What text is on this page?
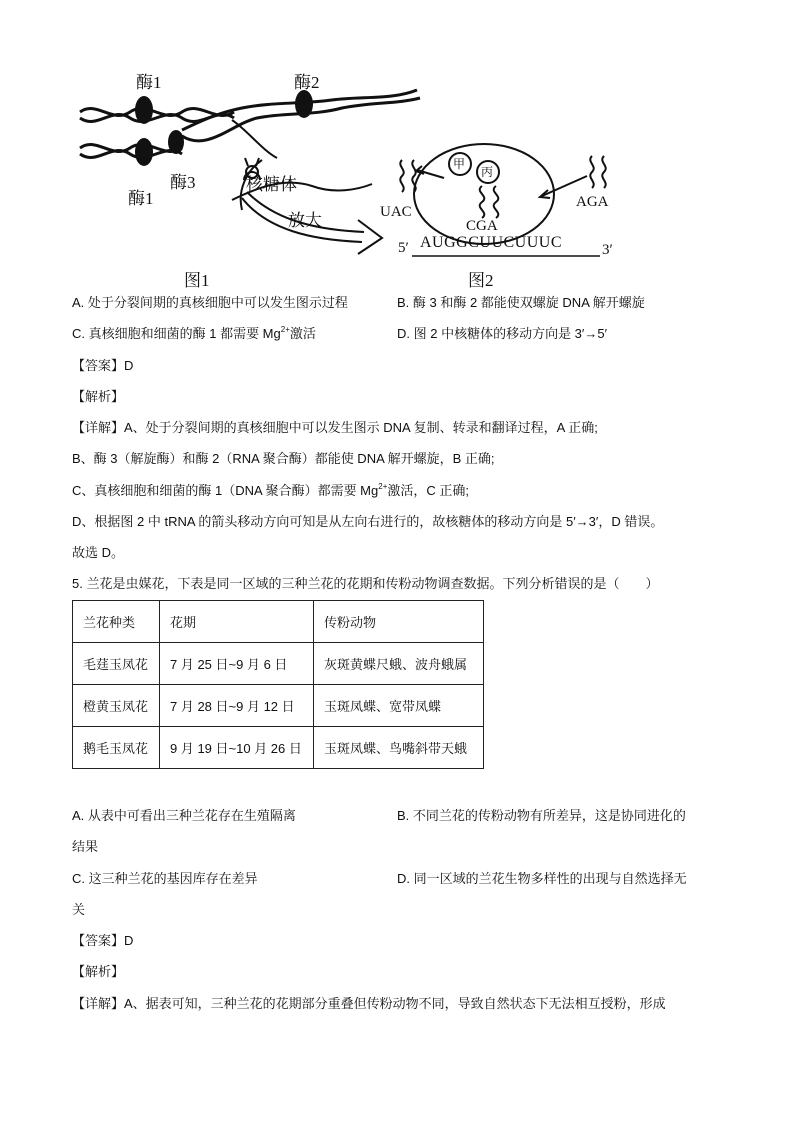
酶1	酶2
酶3
酶1
核糖体
放大
图1
甲
丙
UAC
CGA
AGA
5′ AUGGCUUCUUUC	3′
图2
A. 处于分裂间期的真核细胞中可以发生图示过程	B. 酶 3 和酶 2 都能使双螺旋 DNA 解开螺旋
C. 真核细胞和细菌的酶 1 都需要 $Mg^{2+}$激活	D. 图 2 中核糖体的移动方向是 3′→5′
【答案】D
【解析】
【详解】A、处于分裂间期的真核细胞中可以发生图示 DNA 复制、转录和翻译过程，A 正确;
B、酶 3（解旋酶）和酶 2（RNA 聚合酶）都能使 DNA 解开螺旋，B 正确;
C、真核细胞和细菌的酶 1（DNA 聚合酶）都需要 $Mg^{2+}$激活，C 正确;
D、根据图 2 中 tRNA 的箭头移动方向可知是从左向右进行的，故核糖体的移动方向是 5′→3′，D 错误。
故选 D。
5. 兰花是虫媒花，下表是同一区域的三种兰花的花期和传粉动物调查数据。下列分析错误的是（　　）
兰花种类	花期	传粉动物
毛莛玉凤花	7 月 25 日~9 月 6 日	灰斑黄蝶尺蛾、波舟蛾属
橙黄玉凤花	7 月 28 日~9 月 12 日	玉斑凤蝶、宽带凤蝶
鹅毛玉凤花	9 月 19 日~10 月 26 日	玉斑凤蝶、鸟嘴斜带天蛾
A. 从表中可看出三种兰花存在生殖隔离	B. 不同兰花的传粉动物有所差异，这是协同进化的
结果
C. 这三种兰花的基因库存在差异	D. 同一区域的兰花生物多样性的出现与自然选择无
关
【答案】D
【解析】
【详解】A、据表可知，三种兰花的花期部分重叠但传粉动物不同，导致自然状态下无法相互授粉，形成
